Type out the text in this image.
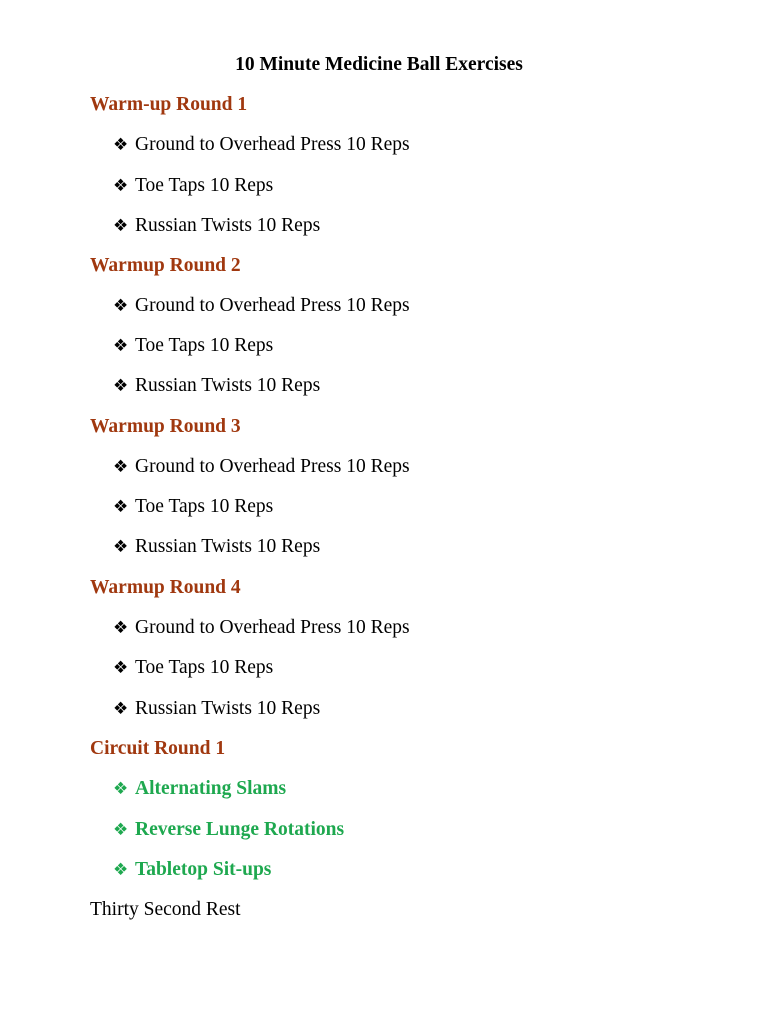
10 Minute Medicine Ball Exercises
Warm-up Round 1
❖ Ground to Overhead Press 10 Reps
❖ Toe Taps 10 Reps
❖ Russian Twists 10 Reps
Warmup Round 2
❖ Ground to Overhead Press 10 Reps
❖ Toe Taps 10 Reps
❖ Russian Twists 10 Reps
Warmup Round 3
❖ Ground to Overhead Press 10 Reps
❖ Toe Taps 10 Reps
❖ Russian Twists 10 Reps
Warmup Round 4
❖ Ground to Overhead Press 10 Reps
❖ Toe Taps 10 Reps
❖ Russian Twists 10 Reps
Circuit Round 1
❖ Alternating Slams
❖ Reverse Lunge Rotations
❖ Tabletop Sit-ups
Thirty Second Rest
